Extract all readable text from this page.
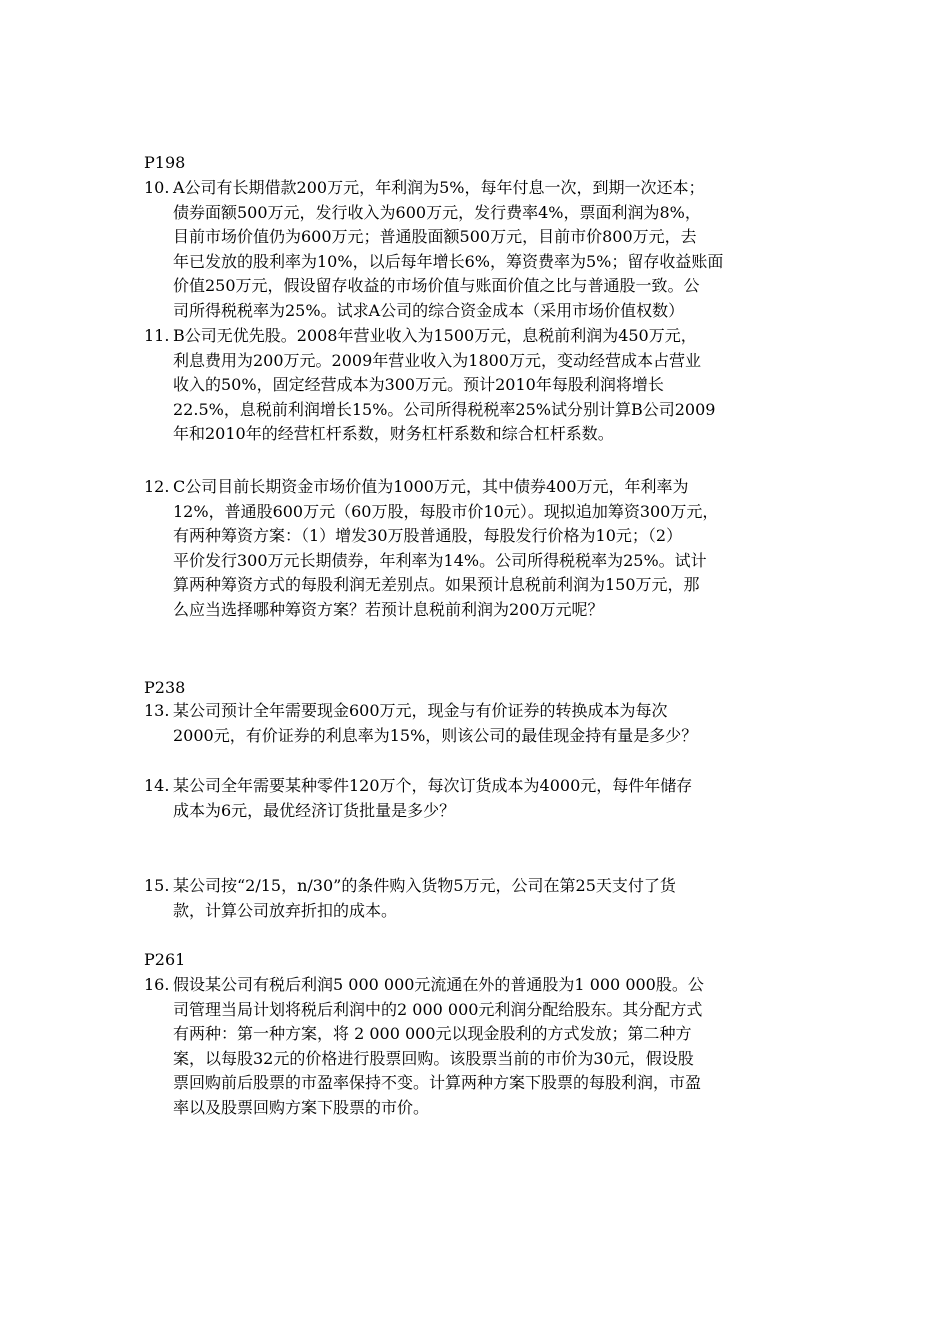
P198
10. A公司有长期借款200万元，年利润为5%，每年付息一次，到期一次还本；
债券面额500万元，发行收入为600万元，发行费率4%，票面利润为8%，
目前市场价值仍为600万元；普通股面额500万元，目前市价800万元，去
年已发放的股利率为10%，以后每年增长6%，筹资费率为5%；留存收益账面
价值250万元，假设留存收益的市场价值与账面价值之比与普通股一致。公
司所得税税率为25%。试求A公司的综合资金成本（采用市场价值权数）
11. B公司无优先股。2008年营业收入为1500万元，息税前利润为450万元，
利息费用为200万元。2009年营业收入为1800万元，变动经营成本占营业
收入的50%，固定经营成本为300万元。预计2010年每股利润将增长
22.5%，息税前利润增长15%。公司所得税税率25%试分别计算B公司2009
年和2010年的经营杠杆系数，财务杠杆系数和综合杠杆系数。
12. C公司目前长期资金市场价值为1000万元，其中债券400万元，年利率为
12%，普通股600万元（60万股，每股市价10元）。现拟追加筹资300万元，
有两种筹资方案：（1）增发30万股普通股，每股发行价格为10元；（2）
平价发行300万元长期债券，年利率为14%。公司所得税税率为25%。试计
算两种筹资方式的每股利润无差别点。如果预计息税前利润为150万元，那
么应当选择哪种筹资方案？若预计息税前利润为200万元呢？
P238
13. 某公司预计全年需要现金600万元，现金与有价证券的转换成本为每次
2000元，有价证券的利息率为15%，则该公司的最佳现金持有量是多少？
14. 某公司全年需要某种零件120万个，每次订货成本为4000元，每件年储存
成本为6元，最优经济订货批量是多少？
15. 某公司按“2/15，n/30”的条件购入货物5万元，公司在第25天支付了货
款，计算公司放弃折扣的成本。
P261
16. 假设某公司有税后利润5 000 000元流通在外的普通股为1 000 000股。公
司管理当局计划将税后利润中的2 000 000元利润分配给股东。其分配方式
有两种：第一种方案，将 2 000 000元以现金股利的方式发放；第二种方
案，以每股32元的价格进行股票回购。该股票当前的市价为30元，假设股
票回购前后股票的市盈率保持不变。计算两种方案下股票的每股利润，市盈
率以及股票回购方案下股票的市价。
